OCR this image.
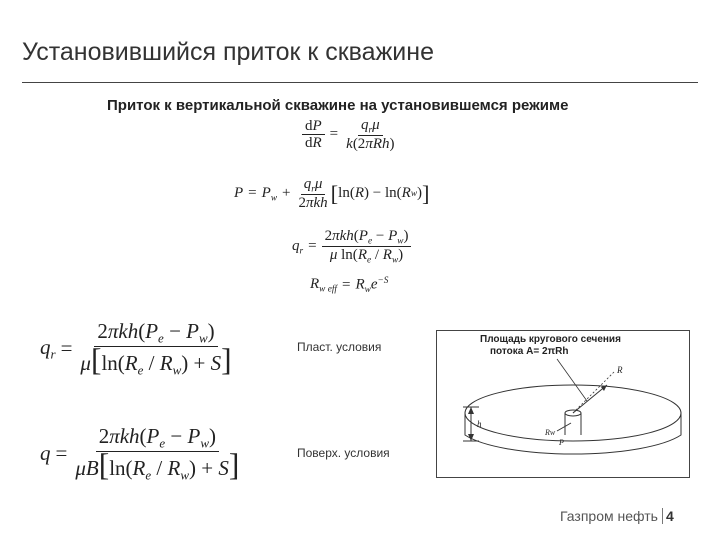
Установившийся приток к скважине
Приток к вертикальной скважине на установившемся режиме
$\frac{dP}{dR} = \frac{q_r\mu}{\text{k(2πRh)}}$
$P = P_w + \frac{q_r\mu}{\text{2πkh}}$ [ ln( R ) − ln( R w ) ]
$q_r = \frac{2\pi kh(P_e - P_w)}{\mu \ln(R_e / R_w)}$
$R_w$ $_{eff} = R_we^{-S}$
$q_r = \frac{2\pi kh(P_e - P_w)}{\mu[\ln(R_e / R_w) + S]}$	Пласт. условия
$q = \frac{2\pi kh(P_e - P_w)}{\mu B[\ln(R_e / R_w) + S]}$	Поверх. условия
R
h
Rw
P
Площадь кругового сечения
потока A= 2πRh
Газпром нефть 4
